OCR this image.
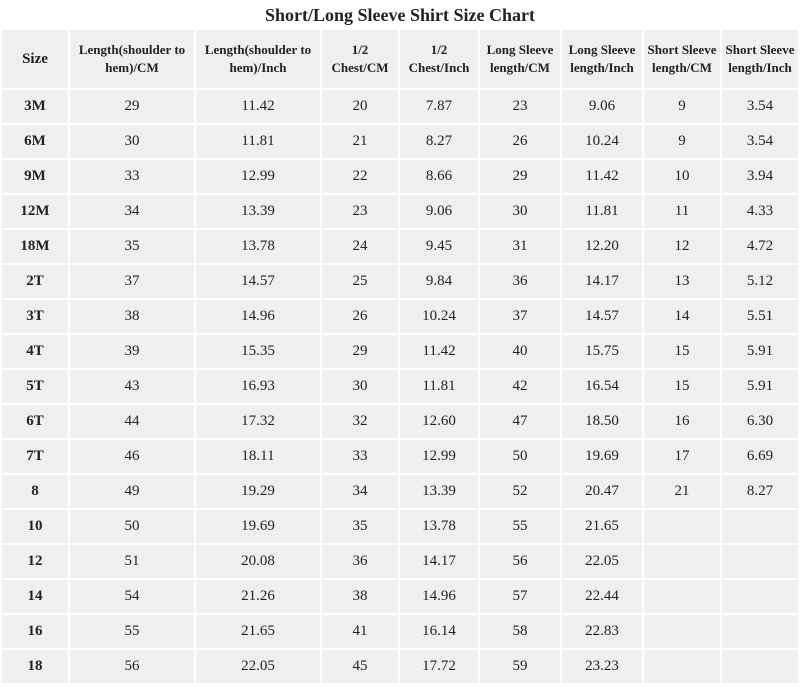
Short/Long Sleeve Shirt Size Chart
Size	Length(shoulder to hem)/CM	Length(shoulder to hem)/Inch	1/2 Chest/CM	1/2 Chest/Inch	Long Sleeve length/CM	Long Sleeve length/Inch	Short Sleeve length/CM	Short Sleeve length/Inch
3M	29	11.42	20	7.87	23	9.06	9	3.54
6M	30	11.81	21	8.27	26	10.24	9	3.54
9M	33	12.99	22	8.66	29	11.42	10	3.94
12M	34	13.39	23	9.06	30	11.81	11	4.33
18M	35	13.78	24	9.45	31	12.20	12	4.72
2T	37	14.57	25	9.84	36	14.17	13	5.12
3T	38	14.96	26	10.24	37	14.57	14	5.51
4T	39	15.35	29	11.42	40	15.75	15	5.91
5T	43	16.93	30	11.81	42	16.54	15	5.91
6T	44	17.32	32	12.60	47	18.50	16	6.30
7T	46	18.11	33	12.99	50	19.69	17	6.69
8	49	19.29	34	13.39	52	20.47	21	8.27
10	50	19.69	35	13.78	55	21.65		
12	51	20.08	36	14.17	56	22.05		
14	54	21.26	38	14.96	57	22.44		
16	55	21.65	41	16.14	58	22.83		
18	56	22.05	45	17.72	59	23.23		
